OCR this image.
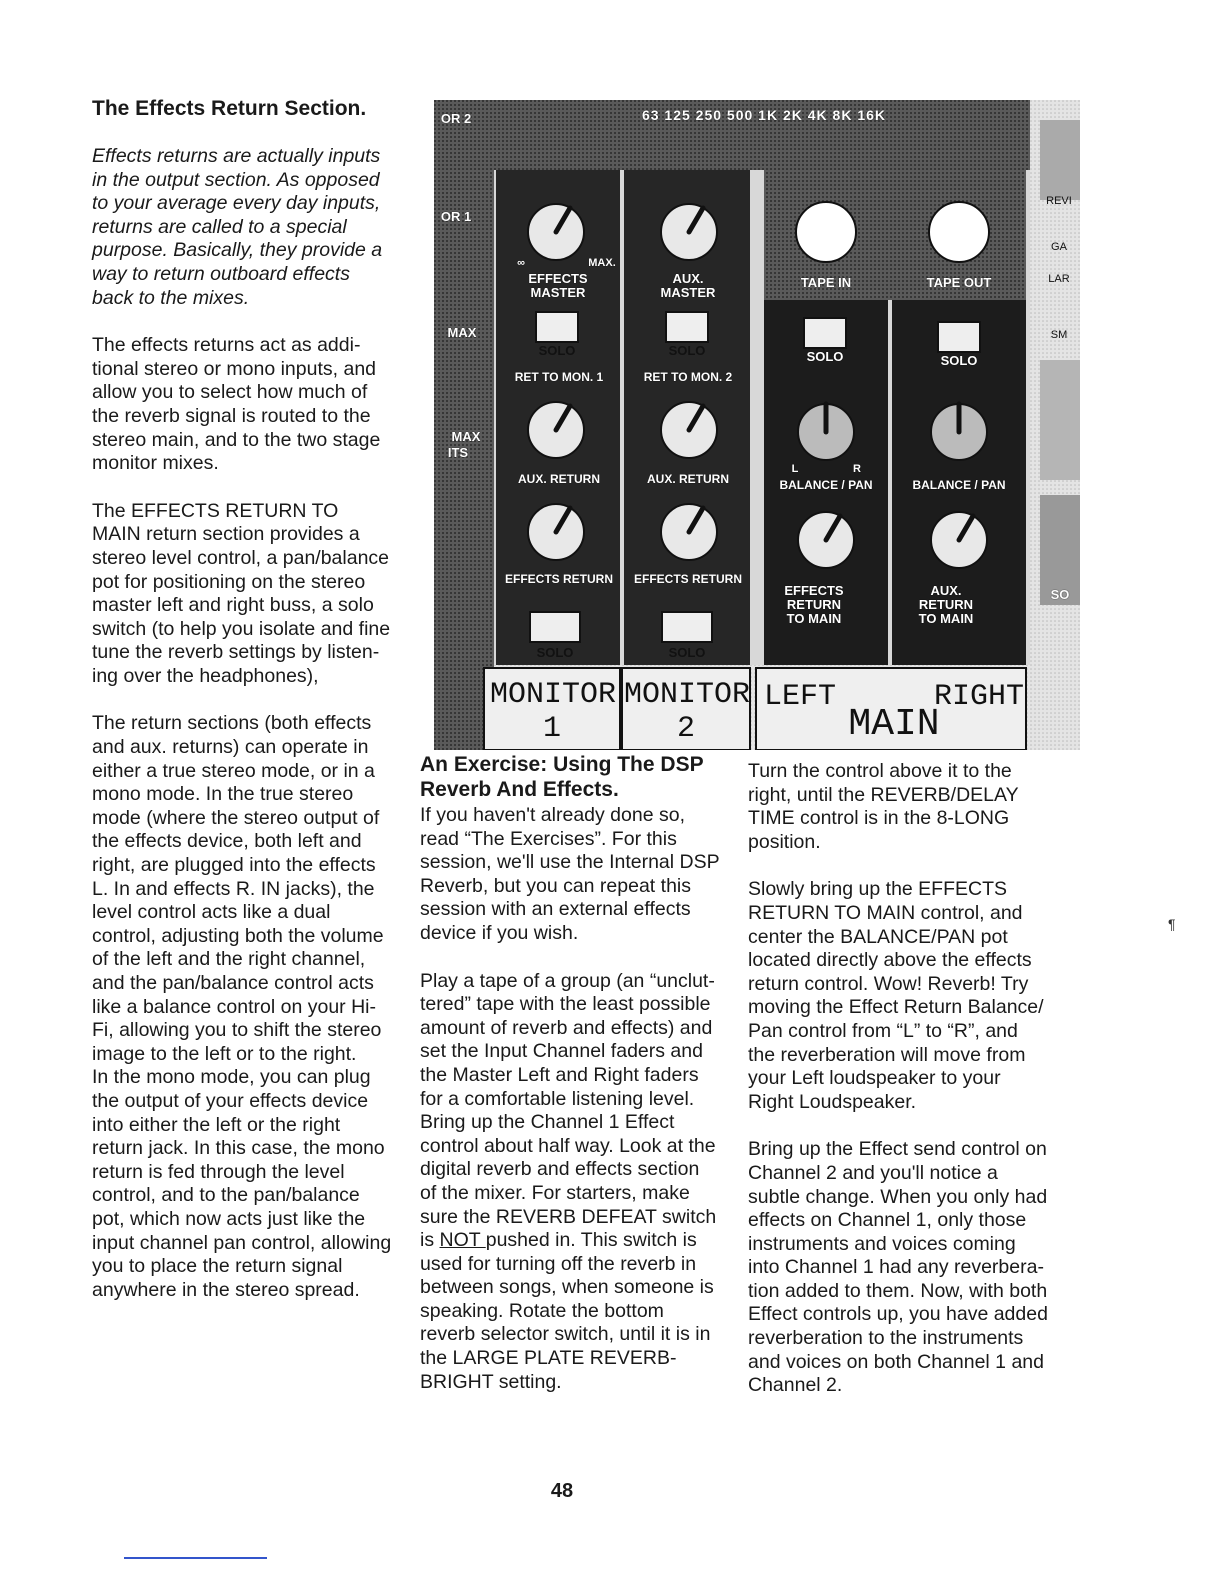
The Effects Return Section.

Effects returns are actually inputs
in the output section. As opposed
to your average every day inputs,
returns are called to a special
purpose. Basically, they provide a
way to return outboard effects
back to the mixes.

The effects returns act as addi-
tional stereo or mono inputs, and
allow you to select how much of
the reverb signal is routed to the
stereo main, and to the two stage
monitor mixes.

The EFFECTS RETURN TO
MAIN return section provides a
stereo level control, a pan/balance
pot for positioning on the stereo
master left and right buss, a solo
switch (to help you isolate and fine
tune the reverb settings by listen-
ing over the headphones),

The return sections (both effects
and aux. returns) can operate in
either a true stereo mode, or in a
mono mode. In the true stereo
mode (where the stereo output of
the effects device, both left and
right, are plugged into the effects
L. In and effects R. IN jacks), the
level control acts like a dual
control, adjusting both the volume
of the left and the right channel,
and the pan/balance control acts
like a balance control on your Hi-
Fi, allowing you to shift the stereo
image to the left or to the right.
In the mono mode, you can plug
the output of your effects device
into either the left or the right
return jack. In this case, the mono
return is fed through the level
control, and to the pan/balance
pot, which now acts just like the
input channel pan control, allowing
you to place the return signal
anywhere in the stereo spread.

63 125 250 500 1K 2K 4K 8K 16K
OR 2
OR 1
MAX
MAX
ITS
REVI
GA
LAR
SM
SO
EFFECTS
MASTER
SOLO
RET TO MON. 1
AUX. RETURN
EFFECTS RETURN
SOLO
MONITOR
1
AUX.
MASTER
SOLO
RET TO MON. 2
AUX. RETURN
EFFECTS RETURN
SOLO
MONITOR
2
TAPE IN	TAPE OUT
SOLO	SOLO
BALANCE / PAN	BALANCE / PAN
EFFECTS
RETURN
TO MAIN
AUX.
RETURN
TO MAIN
∞	MAX.
L	R
LEFT
MAIN
RIGHT

An Exercise: Using The DSP
Reverb And Effects.

If you haven't already done so,
read “The Exercises”. For this
session, we'll use the Internal DSP
Reverb, but you can repeat this
session with an external effects
device if you wish.

Play a tape of a group (an “unclut-
tered” tape with the least possible
amount of reverb and effects) and
set the Input Channel faders and
the Master Left and Right faders
for a comfortable listening level.
Bring up the Channel 1 Effect
control about half way. Look at the
digital reverb and effects section
of the mixer. For starters, make
sure the REVERB DEFEAT switch
is NOT pushed in. This switch is
used for turning off the reverb in
between songs, when someone is
speaking. Rotate the bottom
reverb selector switch, until it is in
the LARGE PLATE REVERB-
BRIGHT setting.

Turn the control above it to the
right, until the REVERB/DELAY
TIME control is in the 8-LONG
position.

Slowly bring up the EFFECTS
RETURN TO MAIN control, and
center the BALANCE/PAN pot
located directly above the effects
return control. Wow! Reverb! Try
moving the Effect Return Balance/
Pan control from “L” to “R”, and
the reverberation will move from
your Left loudspeaker to your
Right Loudspeaker.

Bring up the Effect send control on
Channel 2 and you'll notice a
subtle change. When you only had
effects on Channel 1, only those
instruments and voices coming
into Channel 1 had any reverbera-
tion added to them. Now, with both
Effect controls up, you have added
reverberation to the instruments
and voices on both Channel 1 and
Channel 2.

¶
48
